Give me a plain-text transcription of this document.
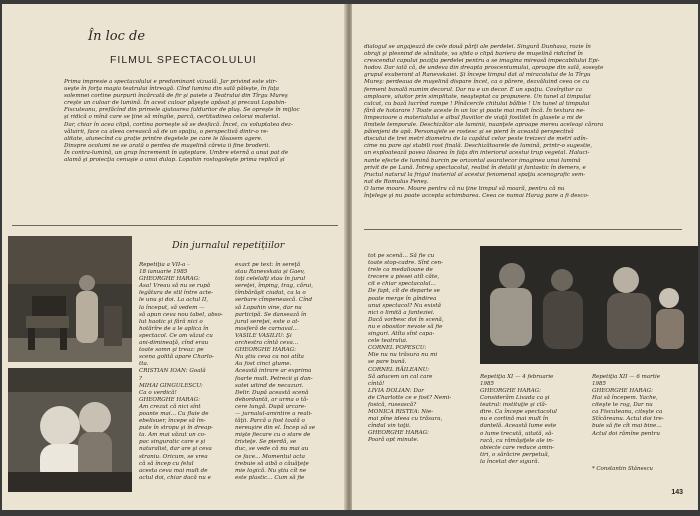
În loc de
FILMUL SPECTACOLULUI
Prima impresie a spectacolului e predominant vizuală. Jar privind este stir-
ueşte în forţa magia teatrului întreagă. Cînd lumina din sală păleşte, în faţa
solemnei cortine purpurii încărcată de fir şi paiete a Teatrului din Tîrgu Mureş
creşte un culoar de lumină. În acest culoar păşeşte apăsat şi precaut Lopahin-
Fiscuteanu, prefăcînd din primele ajutoarea falduriior de pluş. Se opreşte în mijloc
şi ridică o mînă care se ţine să mîngîie, parcă, certitudinea celorui material.
Dar, chiar în acea clipă, cortina porneşte să se desfacă. Încet, cu voluptatea dez-
văluirii, face ca aleea cerească să de un spaţiu, o perspectivă dintr-o re-
alitate, alunecînd cu grație printre degetele pe care le lăsasem agere.
Dinspre ocolumi ne se arată o perdea de muşelină căreia ii fine broderii.
În contra-lumină, un grup încremenit în aşteptare. Umbre eternă a unui pat de
alamă şi proiecţia cenuşie a unui dulap. Lopahin rostogoleşte prima replică şi
Din jurnalul repetițiilor
Repetiţia a VII-a –
18 ianuarie 1985
GHEORGHE HARAG:
Asa! Vreau să nu se rupă
legătura de stil între acte-
le unu şi doi. La actul II,
la început, să vedem —
să apun ceva nou tabel, abso-
lut haotic şi fără nici o
hotărîre de a le aplica în
spectacol. Ce am văzut cu
ani-dimineaţă, cînd erau
toate somn şi treaz: pe
scena golită apare Charlo-
tta.
CRISTIAN IOAN: Goală
?
MIHAI GINGULESCU:
Ca o verdică!
GHEORGHE HARAG:
Am crezut că nici sînt
poante mai... Cu fluie de
ebelisuer, începe să îm-
pute în stropu şi în dreap-
ta. Am mai văzut un co-
pac singuratic care e şi
naturalist, dar are şi ceva
straniu. Oricum, se vrea
că să încep cu felul
acesta ceva mai mult de
actul doi, chiar dacă nu e
exact pe text: în sereţă
stau Ranevskaia şi Gaev,
toţi celelalţi stau în jurul
sereţei, împing, trag, cărui,
tîmbărăşit ciudat, ca la o
serbare cîmpenească. Cînd
să Lopahin vine, dar nu
participă. Se dansează în
jurul sereţei, este o at-
mosferă de carnaval...
VASILE VASILIU: Şi
orchestra cîntă ceva...
GHEORGHE HARAG:
Nu ştiu ceva ca noi atîta
Au fost cinci glume.
Această intrare ar exprima
foarte mult. Petrecii şi dan-
satei uitind de necazuri.
Delir. După această scenă
debordantă, ar urma o tă-
cere lungă. După urcare-
— jurnalul-amintire a reali-
tăţii. Parcă a fost toată o
nereuşire din el. Încep să se
mişte fiecare cu o stare de
tristeţe. Se pierdă, se
duc, se vede că nu mai au
ce face... Momentul acta
trebuie să aibă o căuăţeţe
mie logică. Nu ştiu cît ne
este plastic... Cum să fie
dialogul se angajează de cele două părţi ale perdelei. Singură Dunhasa, rozie în
obraji şi plesnind de sănătate, va sfida o clipă bariera de muşelină ridicînd în
crescendul capului poziţia perdelei pentru a se imagina mireasă impecabilului Epi-
hodov. Dar iată că, de undeva din dreapta prosceniumului, aproape din sală, soseşte
grupul exuberant al Ranevskaiei. Şi începe timpul dat al miracolului de la Tîrgu
Mureş: perdeaua de muşelină dispare încet, ca o părere, dezvăluind ceea ce cu
ferment banală numim decorul. Dar nu e un decor. E un spaţiu. Covîrşitor ca
amploare, uluitor prin simplitate, neaşteptat ca propunere. Un tunel al timpului
culcat, cu bază lucrînd rampe ! Pînăcercle chitului bălbie ! Un tunel al timpului
fără de hotarare ! Toate aceste în un loc şi poate mai mult încă. În textura ne-
limpezioare a materialului e albul fluviilor de viaţă fosilitet în glasele a mi de
limitele temporale. Deschizător ale luminii, nuanţele aproape mereu aceleaşi cărora
păienjeni de apă. Personajele se rostesc şi se pierd în această perspectivă
discului de trei metri diametru de la capătul celor peste treizeci de metri adîn-
cime nu pare aşi stabili rost finală. Deschizătoarele de lumină, printr-o sugestie,
un exploatează pavea lăsarea în faţa din interiorul acestui trup vegetal. Haluci-
nante efecte de lumină burcin pe orizontal asuratecor imaginea unui lumină
privit de pe Lună. Întreg spectacolul, realist în detalii şi fantastic în demers, e
fructul naturul la frigul inuterial al acestui fenomenal spaţiu scenografic sem-
nat de Romulus Feneş.
O lume moare. Moare pentru că nu ţine timpul să moară, pentru că nu
înţelege şi nu poate accepta schimbarea. Ceea ce numai Harag pare a fi desco-
tot pe scenă... Să fie cu
toate stop-cadre. Sînt cen-
trele ca medalioane de
trecere a piesei atît căte,
cit e chiar spectacolul...
De fapt, cît de departe se
poate merge în gîndirea
unui spectacol? Nu există
nici o limită a fanteziei.
Dacă vorbesc doi în scenă,
nu e obositor nevoie să fie
singuri. Atîta sînt capa-
cele teatrului.
CORNEL POPESCU:
Mie nu nu trăsura nu mi
se pare bună.
CORNEL RĂILEANU:
Să aducem un cal care
cîntă!
LIVIA DOLIAN: Dar
de Charlotte ce e fost? Nemi-
fosică, rusească?
MONICA RISTEA: Nie-
mai pîne ideea cu trăsura,
cîndul vin toţii.
GHEORGHE HARAG:
Poară opt minute.
Repetiţia XI — 4 februarie
1985
GHEORGHE HARAG:
Considerăm Livada ca şi
teatrul: instituţie şi clă-
dire. Ca începe spectacolul
nu e cortină mai mult în
dantelă. Această lume este
o lume trecută, uitată, să-
racă, cu rămăşiţele ale in-
obiecte care reduce amin-
tiri, o sărăcire perpetuă,
la încetat der sigură.
Repetiţia XII — 6 martie
1985
GHEORGHE HARAG:
Hai să începem. Yache,
citeşte te rog, Dar nu
ca Fiscuteanu, citeşte ca
Stîcăreanu. Actul doi tre-
buie să fie cît mai bine...
Actul doi rămîne pentru
* Constantin Stănescu
143
